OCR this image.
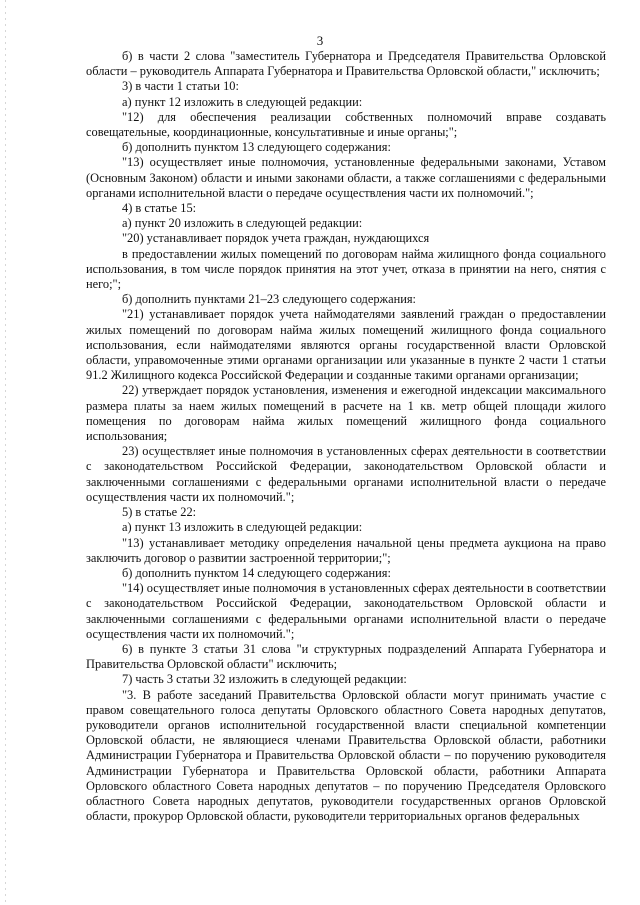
3

б) в части 2 слова "заместитель Губернатора и Председателя Правительства Орловской области – руководитель Аппарата Губернатора и Правительства Орловской области," исключить;

3) в части 1 статьи 10:

а) пункт 12 изложить в следующей редакции:

"12) для обеспечения реализации собственных полномочий вправе создавать совещательные, координационные, консультативные и иные органы;";

б) дополнить пунктом 13 следующего содержания:

"13) осуществляет иные полномочия, установленные федеральными законами, Уставом (Основным Законом) области и иными законами области, а также соглашениями с федеральными органами исполнительной власти о передаче осуществления части их полномочий.";

4) в статье 15:

а) пункт 20 изложить в следующей редакции:

"20) устанавливает порядок учета граждан, нуждающихся

в предоставлении жилых помещений по договорам найма жилищного фонда социального использования, в том числе порядок принятия на этот учет, отказа в принятии на него, снятия с него;";

б) дополнить пунктами 21–23 следующего содержания:

"21) устанавливает порядок учета наймодателями заявлений граждан о предоставлении жилых помещений по договорам найма жилых помещений жилищного фонда социального использования, если наймодателями являются органы государственной власти Орловской области, управомоченные этими органами организации или указанные в пункте 2 части 1 статьи 91.2 Жилищного кодекса Российской Федерации и созданные такими органами организации;

22) утверждает порядок установления, изменения и ежегодной индексации максимального размера платы за наем жилых помещений в расчете на 1 кв. метр общей площади жилого помещения по договорам найма жилых помещений жилищного фонда социального использования;

23) осуществляет иные полномочия в установленных сферах деятельности в соответствии с законодательством Российской Федерации, законодательством Орловской области и заключенными соглашениями с федеральными органами исполнительной власти о передаче осуществления части их полномочий.";

5) в статье 22:

а) пункт 13 изложить в следующей редакции:

"13) устанавливает методику определения начальной цены предмета аукциона на право заключить договор о развитии застроенной территории;";

б) дополнить пунктом 14 следующего содержания:

"14) осуществляет иные полномочия в установленных сферах деятельности в соответствии с законодательством Российской Федерации, законодательством Орловской области и заключенными соглашениями с федеральными органами исполнительной власти о передаче осуществления части их полномочий.";

6) в пункте 3 статьи 31 слова "и структурных подразделений Аппарата Губернатора и Правительства Орловской области" исключить;

7) часть 3 статьи 32 изложить в следующей редакции:

"3. В работе заседаний Правительства Орловской области могут принимать участие с правом совещательного голоса депутаты Орловского областного Совета народных депутатов, руководители органов исполнительной государственной власти специальной компетенции Орловской области, не являющиеся членами Правительства Орловской области, работники Администрации Губернатора и Правительства Орловской области – по поручению руководителя Администрации Губернатора и Правительства Орловской области, работники Аппарата Орловского областного Совета народных депутатов – по поручению Председателя Орловского областного Совета народных депутатов, руководители государственных органов Орловской области, прокурор Орловской области, руководители территориальных органов федеральных
